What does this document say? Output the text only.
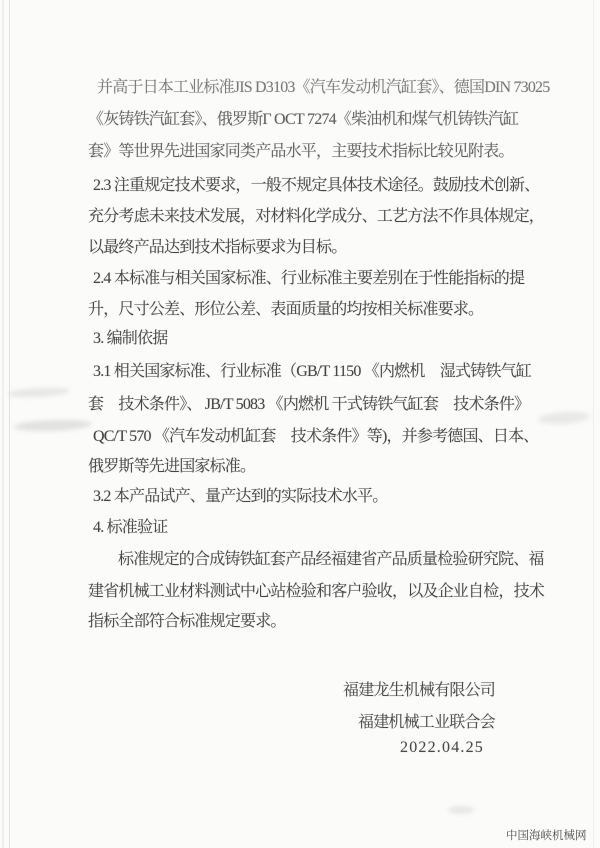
并高于日本工业标准JIS D3103《汽车发动机汽缸套》、德国DIN 73025
《灰铸铁汽缸套》、俄罗斯Г ОСТ 7274《柴油机和煤气机铸铁汽缸
套》等世界先进国家同类产品水平，主要技术指标比较见附表。
2.3 注重规定技术要求，一般不规定具体技术途径。鼓励技术创新、
充分考虑未来技术发展，对材料化学成分、工艺方法不作具体规定，
以最终产品达到技术指标要求为目标。
2.4 本标准与相关国家标准、行业标准主要差别在于性能指标的提
升，尺寸公差、形位公差、表面质量的均按相关标准要求。
3. 编制依据
3.1 相关国家标准、行业标准（GB/T 1150 《内燃机　湿式铸铁气缸
套　技术条件》、 JB/T 5083 《内燃机 干式铸铁气缸套　技术条件》
QC/T 570 《汽车发动机缸套　技术条件》等)，并参考德国、日本、
俄罗斯等先进国家标准。
3.2 本产品试产、量产达到的实际技术水平。
4. 标准验证
标准规定的合成铸铁缸套产品经福建省产品质量检验研究院、福
建省机械工业材料测试中心站检验和客户验收，以及企业自检，技术
指标全部符合标准规定要求。
福建龙生机械有限公司
福建机械工业联合会
2022.04.25
中国海峡机械网
